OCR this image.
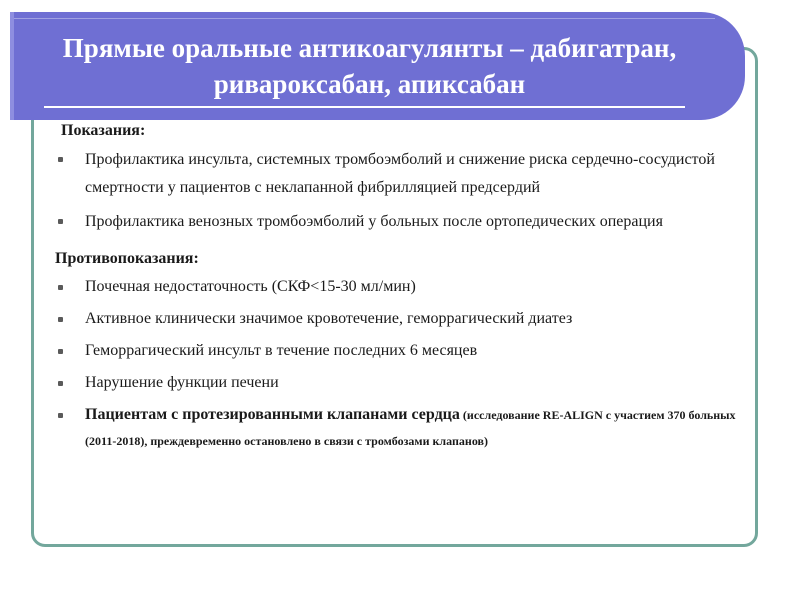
Прямые оральные антикоагулянты – дабигатран,
ривароксабан, апиксабан

Показания:

Профилактика инсульта, системных тромбоэмболий и снижение риска сердечно-сосудистой смертности у пациентов с неклапанной фибрилляцией предсердий
Профилактика венозных тромбоэмболий у больных после ортопедических операция

Противопоказания:

Почечная недостаточность (СКФ<15-30 мл/мин)
Активное клинически значимое кровотечение, геморрагический диатез
Геморрагический инсульт в течение последних 6 месяцев
Нарушение функции печени
Пациентам с протезированными клапанами сердца (исследование RE-ALIGN с участием 370 больных (2011-2018), преждевременно остановлено в связи с тромбозами клапанов)
